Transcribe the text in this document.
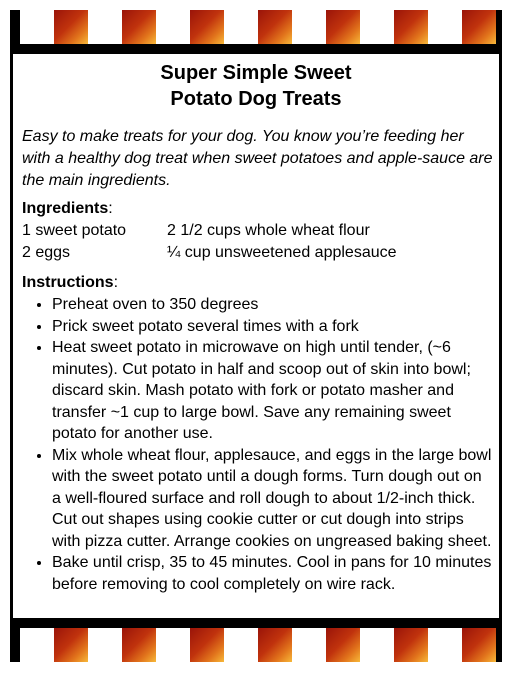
Super Simple Sweet
Potato Dog Treats
Easy to make treats for your dog. You know you’re feeding her with a healthy dog treat when sweet potatoes and apple-sauce are the main ingredients.
Ingredients:
1 sweet potato	2 1/2 cups whole wheat flour
2 eggs	¼ cup unsweetened applesauce
Instructions:
• Preheat oven to 350 degrees
• Prick sweet potato several times with a fork
• Heat sweet potato in microwave on high until tender, (~6 minutes). Cut potato in half and scoop out of skin into bowl; discard skin. Mash potato with fork or potato masher and transfer ~1 cup to large bowl. Save any remaining sweet potato for another use.
• Mix whole wheat flour, applesauce, and eggs in the large bowl with the sweet potato until a dough forms. Turn dough out on a well-floured surface and roll dough to about 1/2-inch thick. Cut out shapes using cookie cutter or cut dough into strips with pizza cutter. Arrange cookies on ungreased baking sheet.
• Bake until crisp, 35 to 45 minutes. Cool in pans for 10 minutes before removing to cool completely on wire rack.
